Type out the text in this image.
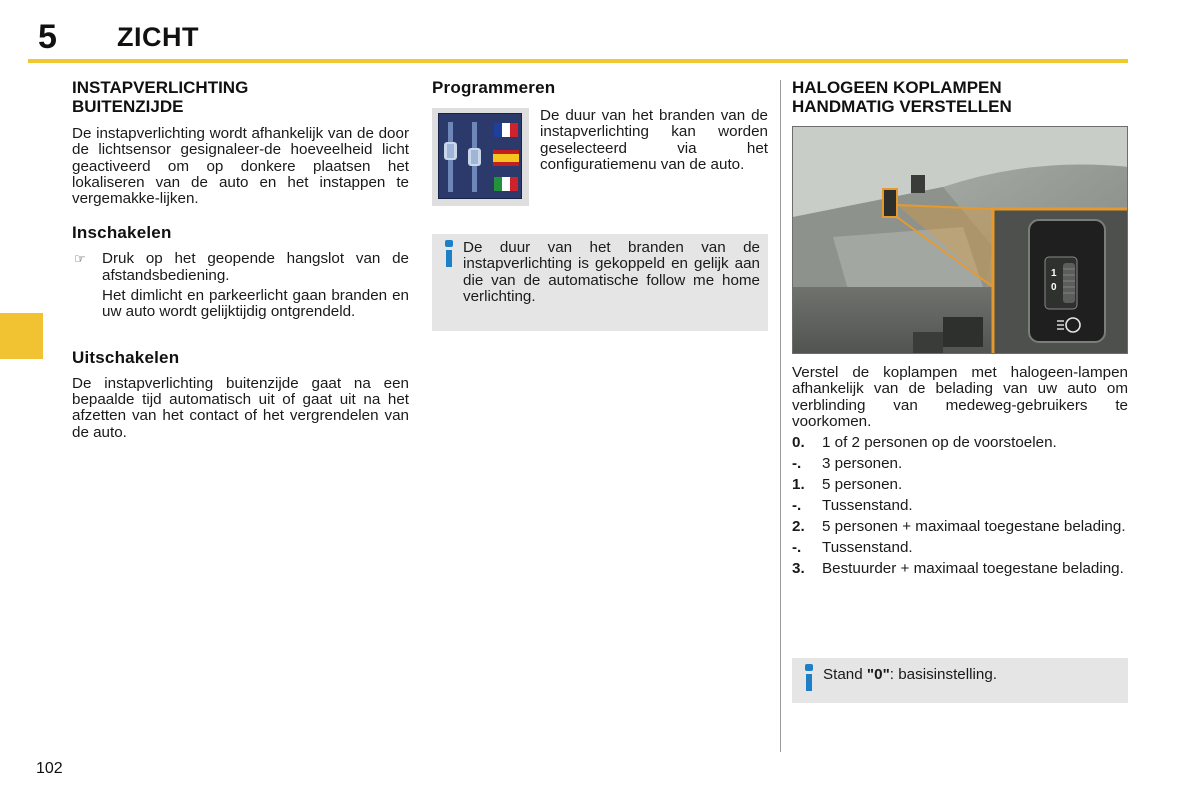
5 ZICHT
INSTAPVERLICHTING
BUITENZIJDE

De instapverlichting wordt afhankelijk van de door de lichtsensor gesignaleer-de hoeveelheid licht geactiveerd om op donkere plaatsen het lokaliseren van de auto en het instappen te vergemakke-lijken.

Inschakelen
☞	Druk op het geopende hangslot van de afstandsbediening.

Het dimlicht en parkeerlicht gaan branden en uw auto wordt gelijktijdig ontgrendeld.

Uitschakelen

De instapverlichting buitenzijde gaat na een bepaalde tijd automatisch uit of gaat uit na het afzetten van het contact of het vergrendelen van de auto.

Programmeren

De duur van het branden van de instapverlichting kan worden geselecteerd via het configuratiemenu van de auto.

De duur van het branden van de instapverlichting is gekoppeld en gelijk aan die van de automatische follow me home verlichting.

HALOGEEN KOPLAMPEN
HANDMATIG VERSTELLEN
1
0

Verstel de koplampen met halogeen-lampen afhankelijk van de belading van uw auto om verblinding van medeweg-gebruikers te voorkomen.

0.	1 of 2 personen op de voorstoelen.
-.	3 personen.
1.	5 personen.
-.	Tussenstand.
2.	5 personen + maximaal toegestane belading.
-.	Tussenstand.
3.	Bestuurder + maximaal toegestane belading.

Stand "0": basisinstelling.

102
